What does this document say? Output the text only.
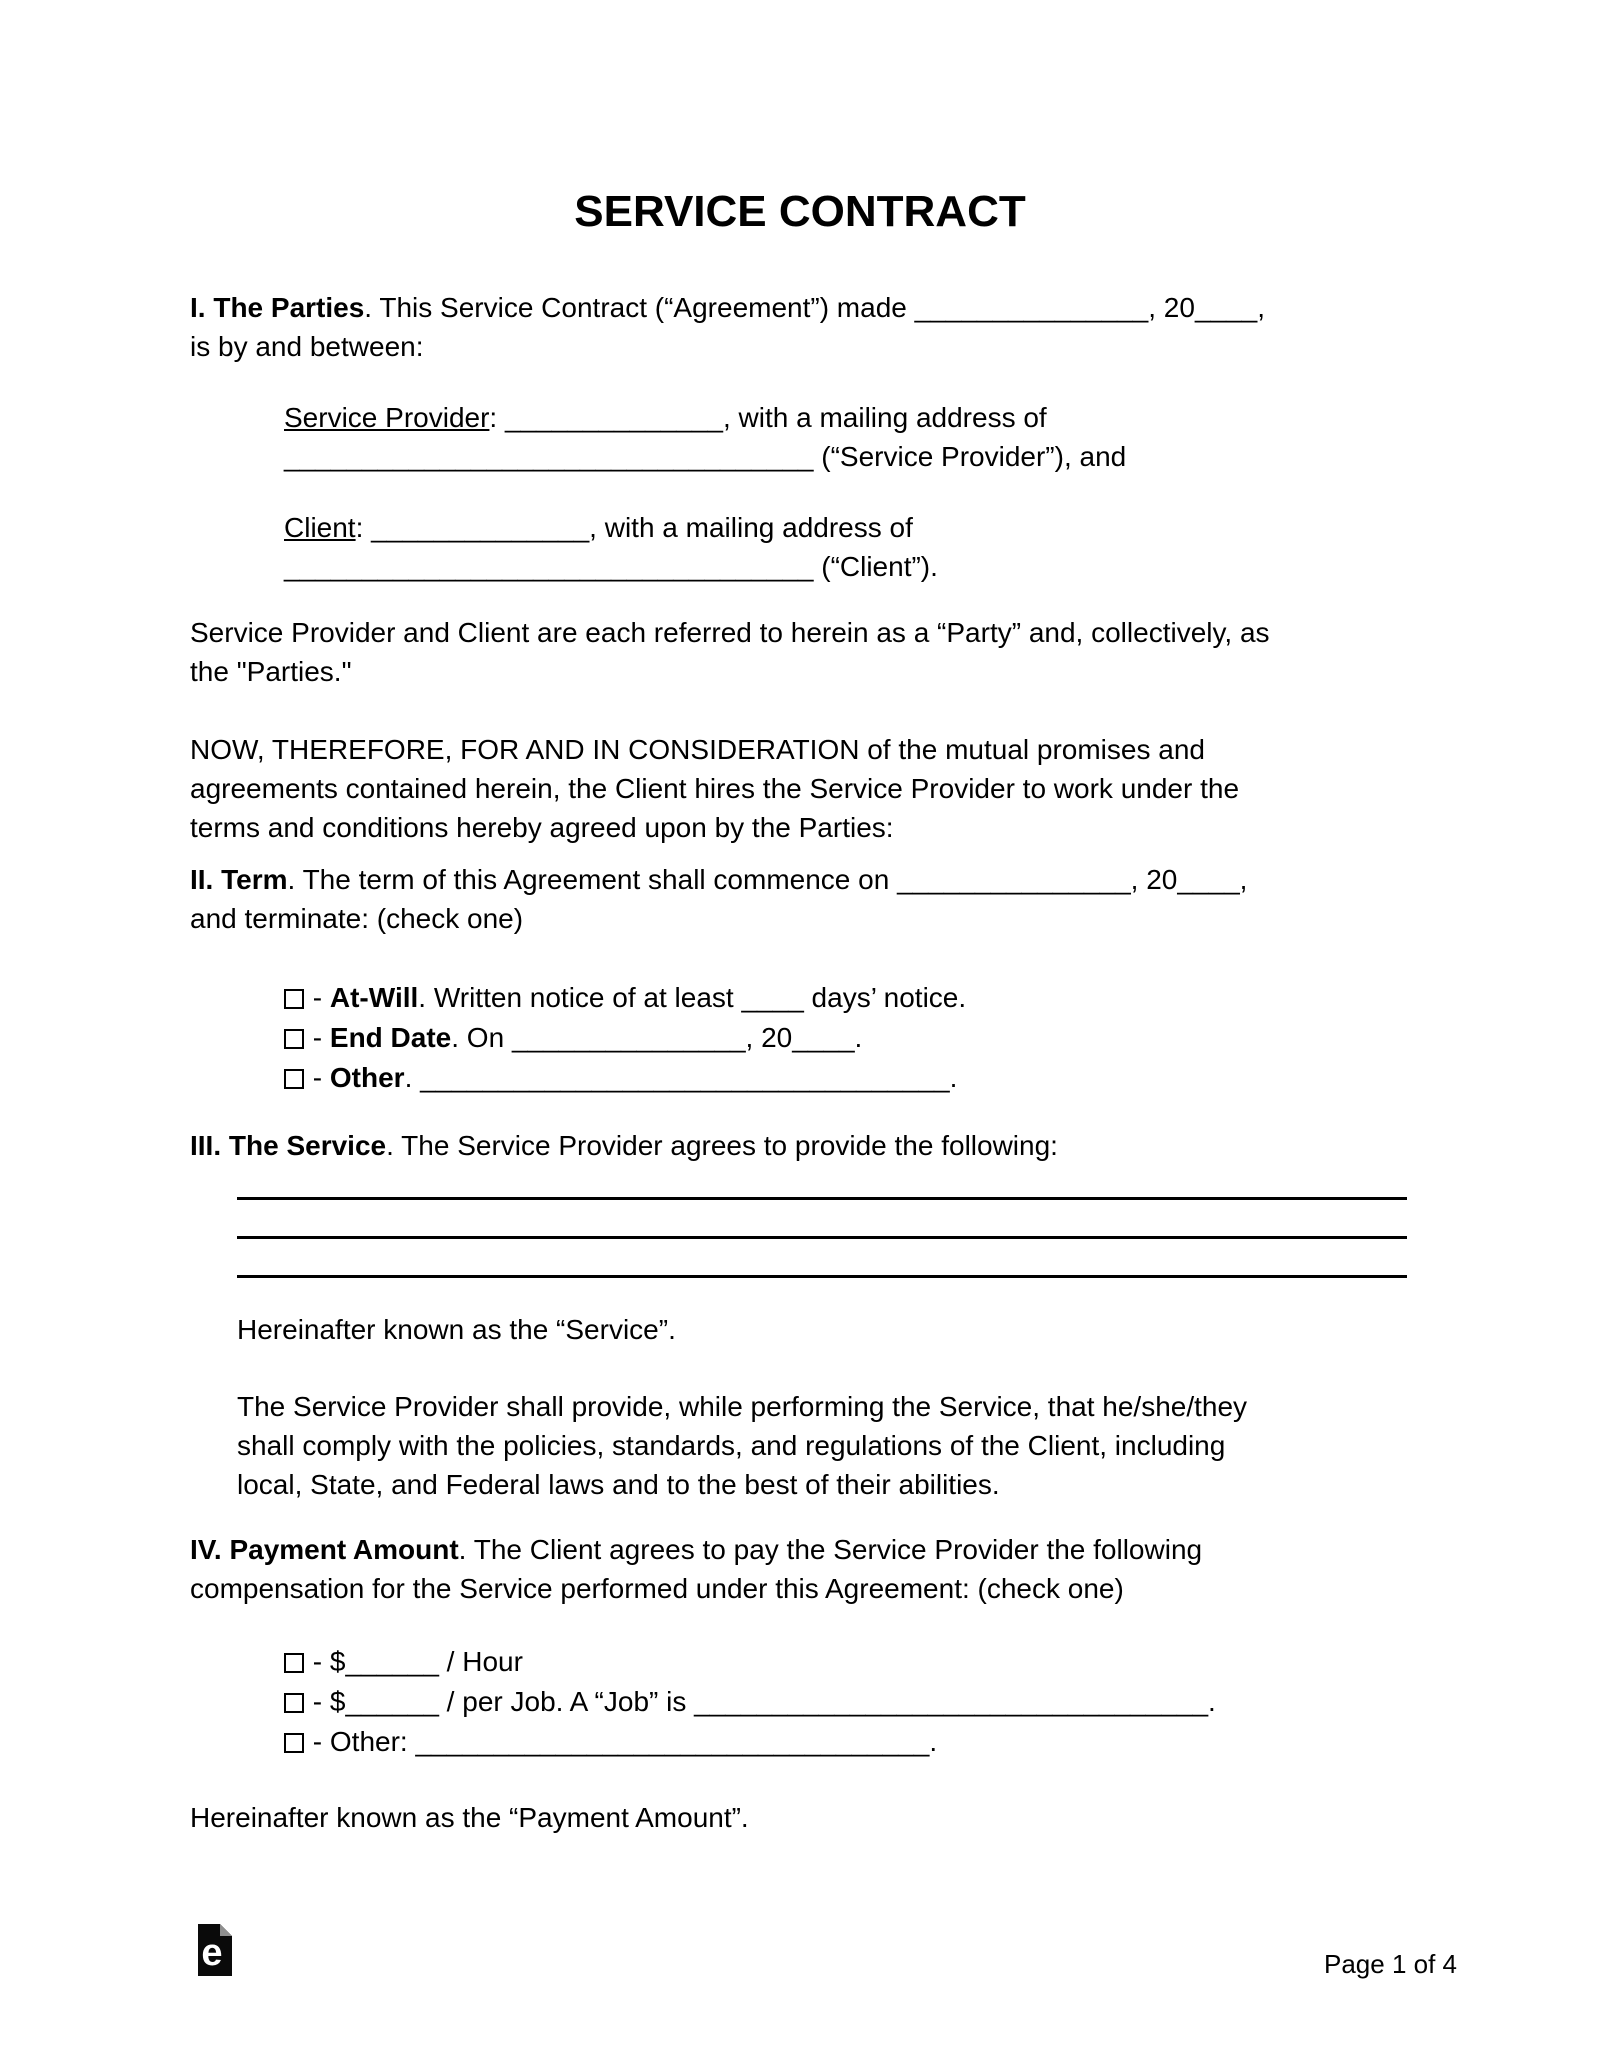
SERVICE CONTRACT
I. The Parties. This Service Contract (“Agreement”) made _______________, 20____,
is by and between:
Service Provider: ______________, with a mailing address of
__________________________________ (“Service Provider”), and
Client: ______________, with a mailing address of
__________________________________ (“Client”).
Service Provider and Client are each referred to herein as a “Party” and, collectively, as
the "Parties."
NOW, THEREFORE, FOR AND IN CONSIDERATION of the mutual promises and
agreements contained herein, the Client hires the Service Provider to work under the
terms and conditions hereby agreed upon by the Parties:
II. Term. The term of this Agreement shall commence on _______________, 20____,
and terminate: (check one)
- At-Will. Written notice of at least ____ days’ notice.
- End Date. On _______________, 20____.
- Other. __________________________________.
III. The Service. The Service Provider agrees to provide the following:
Hereinafter known as the “Service”.
The Service Provider shall provide, while performing the Service, that he/she/they
shall comply with the policies, standards, and regulations of the Client, including
local, State, and Federal laws and to the best of their abilities.
IV. Payment Amount. The Client agrees to pay the Service Provider the following
compensation for the Service performed under this Agreement: (check one)
- $______ / Hour
- $______ / per Job. A “Job” is _________________________________.
- Other: _________________________________.
Hereinafter known as the “Payment Amount”.
e	Page 1 of 4
